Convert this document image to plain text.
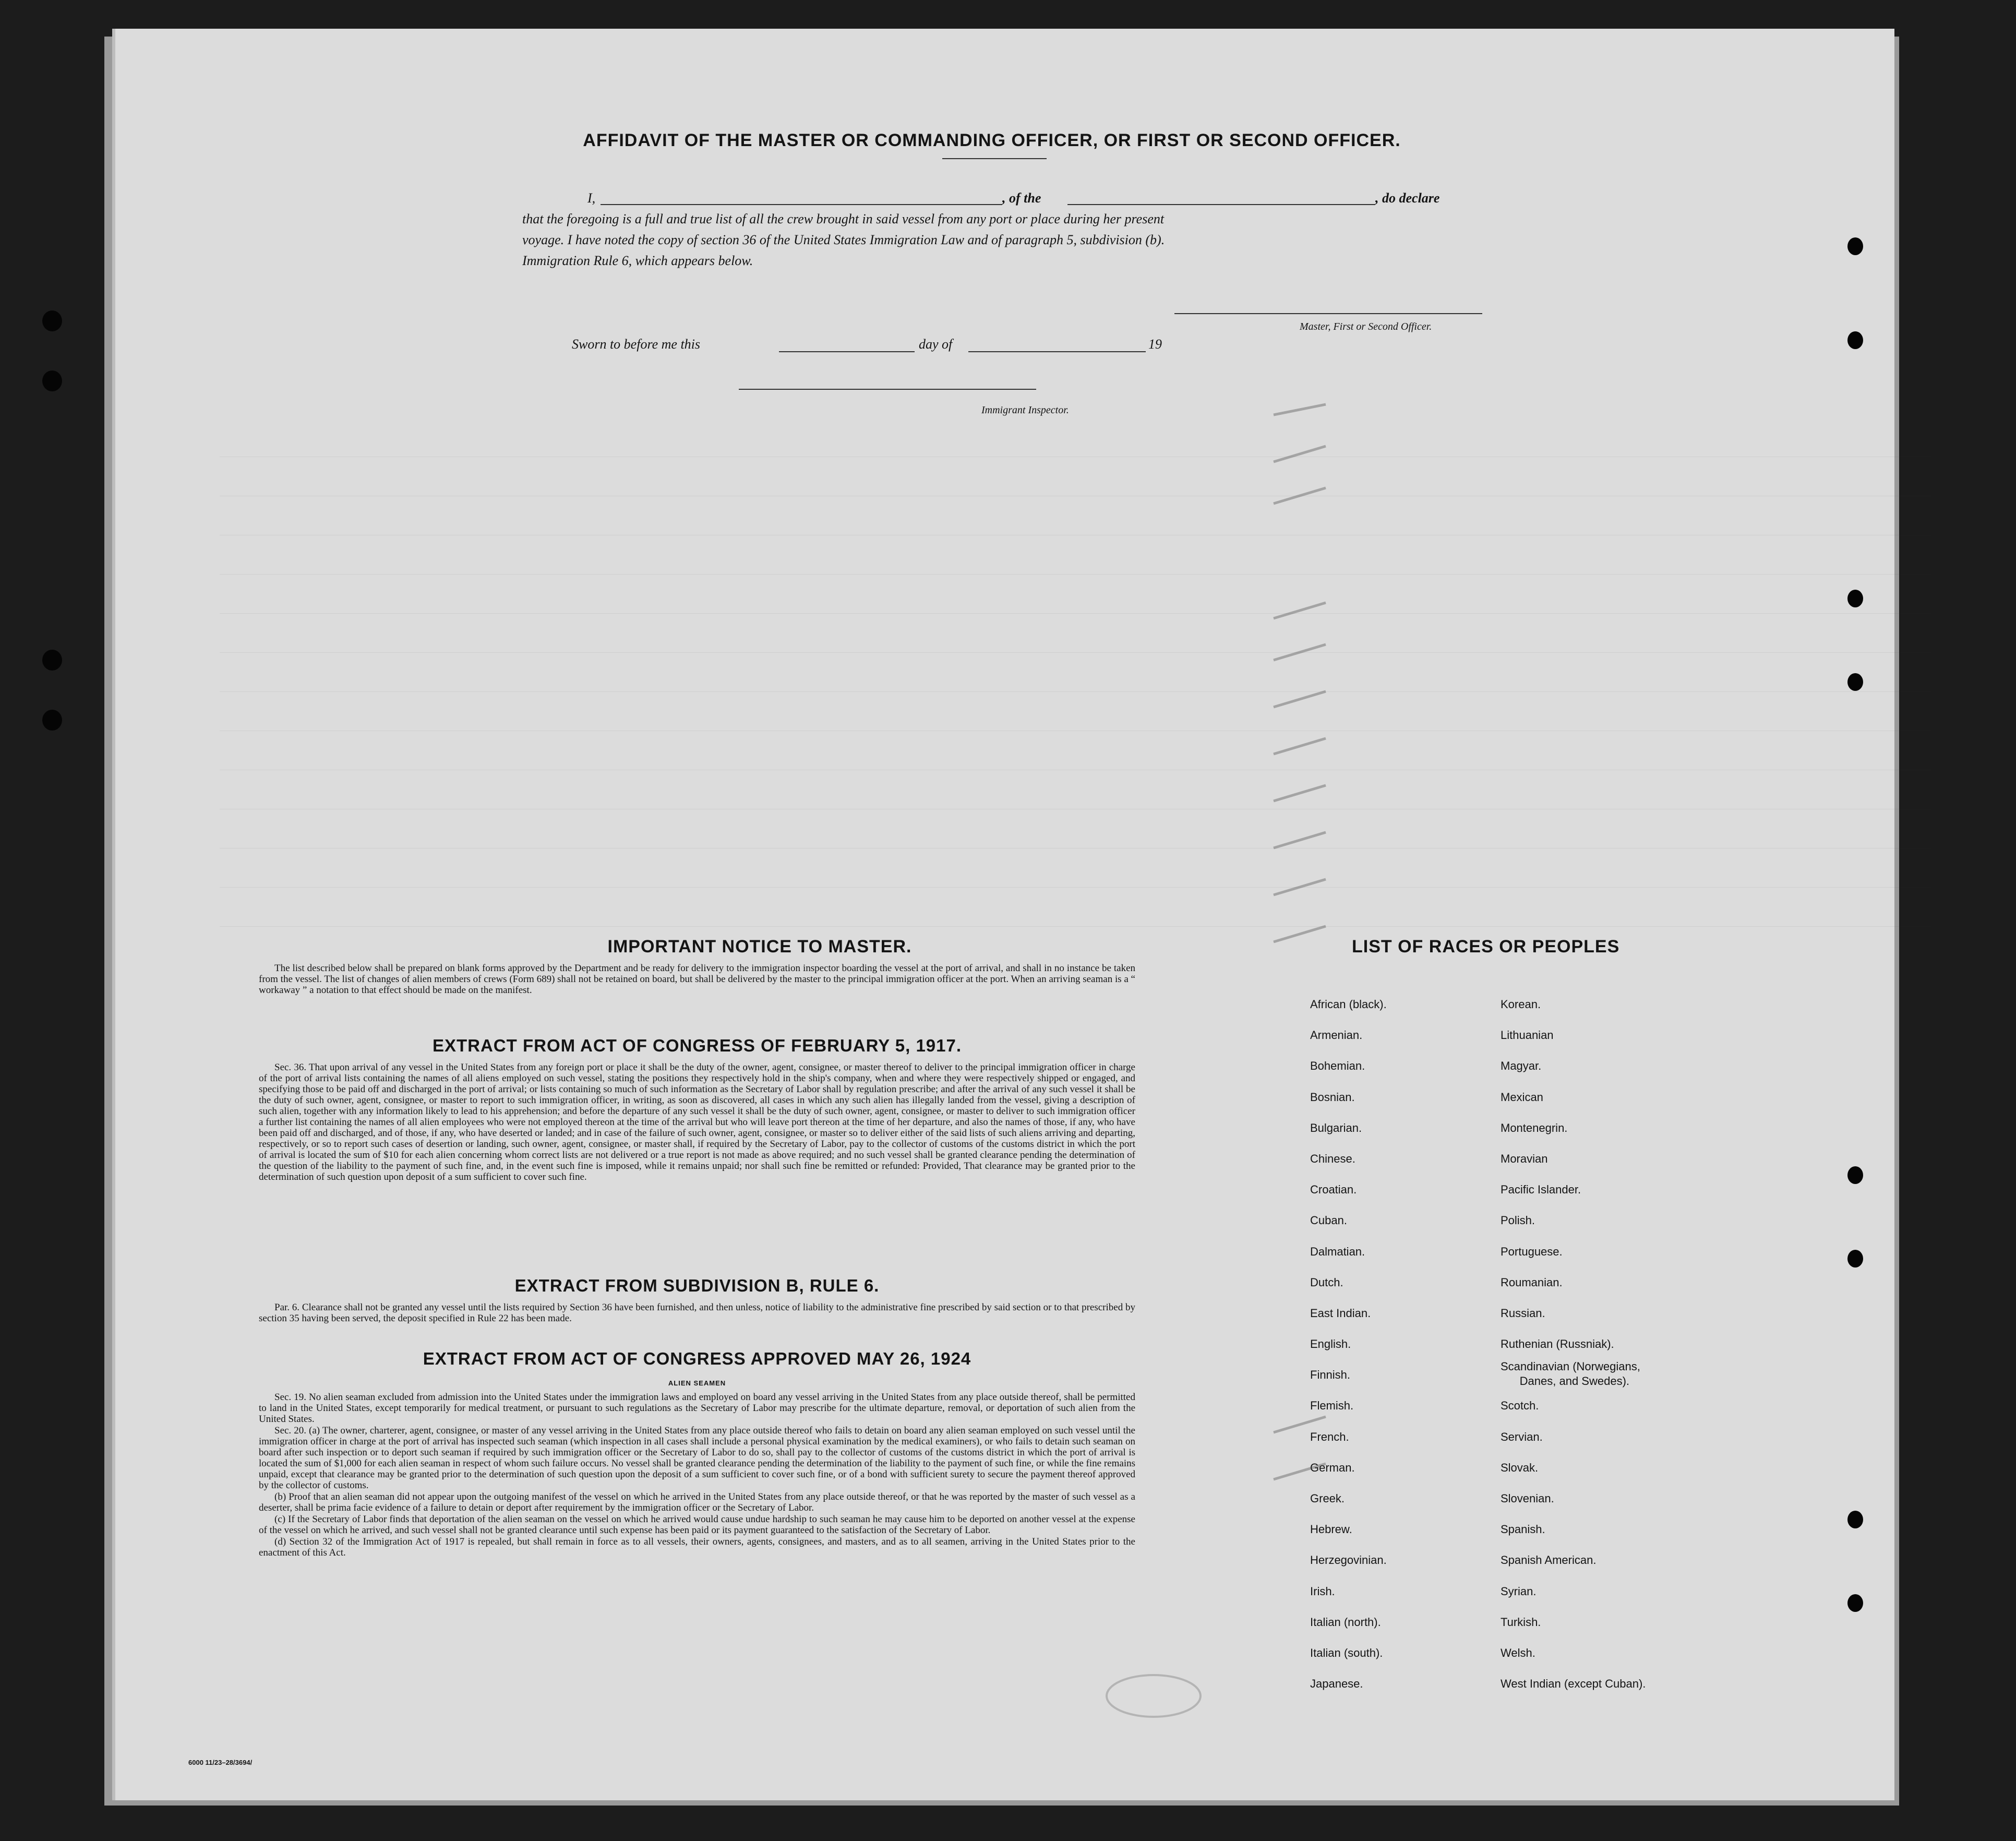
AFFIDAVIT OF THE MASTER OR COMMANDING OFFICER, OR FIRST OR SECOND OFFICER.
I,	, of the	, do declare
that the foregoing is a full and true list of all the crew brought in said vessel from any port or place during her present
voyage. I have noted the copy of section 36 of the United States Immigration Law and of paragraph 5, subdivision (b).
Immigration Rule 6, which appears below.
Master, First or Second Officer.
Sworn to before me this	day of	19
Immigrant Inspector.
IMPORTANT NOTICE TO MASTER.

The list described below shall be prepared on blank forms approved by the Department and be ready for delivery to the immigration inspector boarding the vessel at the port of arrival, and shall in no instance be taken from the vessel. The list of changes of alien members of crews (Form 689) shall not be retained on board, but shall be delivered by the master to the principal immigration officer at the port. When an arriving seaman is a “ workaway ” a notation to that effect should be made on the manifest.

EXTRACT FROM ACT OF CONGRESS OF FEBRUARY 5, 1917.

Sec. 36. That upon arrival of any vessel in the United States from any foreign port or place it shall be the duty of the owner, agent, consignee, or master thereof to deliver to the principal immigration officer in charge of the port of arrival lists containing the names of all aliens employed on such vessel, stating the positions they respectively hold in the ship's company, when and where they were respectively shipped or engaged, and specifying those to be paid off and discharged in the port of arrival; or lists containing so much of such information as the Secretary of Labor shall by regulation prescribe; and after the arrival of any such vessel it shall be the duty of such owner, agent, consignee, or master to report to such immigration officer, in writing, as soon as discovered, all cases in which any such alien has illegally landed from the vessel, giving a description of such alien, together with any information likely to lead to his apprehension; and before the departure of any such vessel it shall be the duty of such owner, agent, consignee, or master to deliver to such immigration officer a further list containing the names of all alien employees who were not employed thereon at the time of the arrival but who will leave port thereon at the time of her departure, and also the names of those, if any, who have been paid off and discharged, and of those, if any, who have deserted or landed; and in case of the failure of such owner, agent, consignee, or master so to deliver either of the said lists of such aliens arriving and departing, respectively, or so to report such cases of desertion or landing, such owner, agent, consignee, or master shall, if required by the Secretary of Labor, pay to the collector of customs of the customs district in which the port of arrival is located the sum of $10 for each alien concerning whom correct lists are not delivered or a true report is not made as above required; and no such vessel shall be granted clearance pending the determination of the question of the liability to the payment of such fine, and, in the event such fine is imposed, while it remains unpaid; nor shall such fine be remitted or refunded: Provided, That clearance may be granted prior to the determination of such question upon deposit of a sum sufficient to cover such fine.

EXTRACT FROM SUBDIVISION B, RULE 6.

Par. 6. Clearance shall not be granted any vessel until the lists required by Section 36 have been furnished, and then unless, notice of liability to the administrative fine prescribed by said section or to that prescribed by section 35 having been served, the deposit specified in Rule 22 has been made.

EXTRACT FROM ACT OF CONGRESS APPROVED MAY 26, 1924
ALIEN SEAMEN

Sec. 19. No alien seaman excluded from admission into the United States under the immigration laws and employed on board any vessel arriving in the United States from any place outside thereof, shall be permitted to land in the United States, except temporarily for medical treatment, or pursuant to such regulations as the Secretary of Labor may prescribe for the ultimate departure, removal, or deportation of such alien from the United States.

Sec. 20. (a) The owner, charterer, agent, consignee, or master of any vessel arriving in the United States from any place outside thereof who fails to detain on board any alien seaman employed on such vessel until the immigration officer in charge at the port of arrival has inspected such seaman (which inspection in all cases shall include a personal physical examination by the medical examiners), or who fails to detain such seaman on board after such inspection or to deport such seaman if required by such immigration officer or the Secretary of Labor to do so, shall pay to the collector of customs of the customs district in which the port of arrival is located the sum of $1,000 for each alien seaman in respect of whom such failure occurs. No vessel shall be granted clearance pending the determination of the liability to the payment of such fine, or while the fine remains unpaid, except that clearance may be granted prior to the determination of such question upon the deposit of a sum sufficient to cover such fine, or of a bond with sufficient surety to secure the payment thereof approved by the collector of customs.

(b) Proof that an alien seaman did not appear upon the outgoing manifest of the vessel on which he arrived in the United States from any place outside thereof, or that he was reported by the master of such vessel as a deserter, shall be prima facie evidence of a failure to detain or deport after requirement by the immigration officer or the Secretary of Labor.

(c) If the Secretary of Labor finds that deportation of the alien seaman on the vessel on which he arrived would cause undue hardship to such seaman he may cause him to be deported on another vessel at the expense of the vessel on which he arrived, and such vessel shall not be granted clearance until such expense has been paid or its payment guaranteed to the satisfaction of the Secretary of Labor.

(d) Section 32 of the Immigration Act of 1917 is repealed, but shall remain in force as to all vessels, their owners, agents, consignees, and masters, and as to all seamen, arriving in the United States prior to the enactment of this Act.

LIST OF RACES OR PEOPLES
African (black).
Armenian.
Bohemian.
Bosnian.
Bulgarian.
Chinese.
Croatian.
Cuban.
Dalmatian.
Dutch.
East Indian.
English.
Finnish.
Flemish.
French.
German.
Greek.
Hebrew.
Herzegovinian.
Irish.
Italian (north).
Italian (south).
Japanese.
Korean.
Lithuanian
Magyar.
Mexican
Montenegrin.
Moravian
Pacific Islander.
Polish.
Portuguese.
Roumanian.
Russian.
Ruthenian (Russniak).
Scandinavian (Norwegians,
Danes, and Swedes).
Scotch.
Servian.
Slovak.
Slovenian.
Spanish.
Spanish American.
Syrian.
Turkish.
Welsh.
West Indian (except Cuban).
6000 11/23–28/3694/
